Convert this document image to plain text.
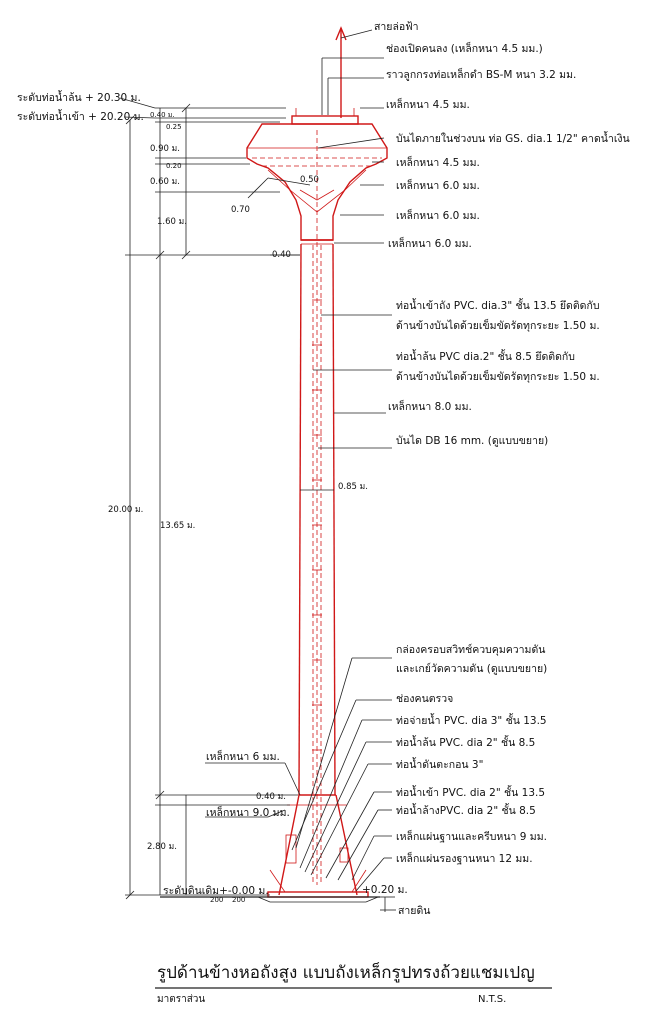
ระดับท่อน้ำล้น + 20.30 ม.
ระดับท่อน้ำเข้า + 20.20 ม. 0.40 ม.
0.25
0.90 ม.
0.20
0.60 ม.
1.60 ม.
20.00 ม.
13.65 ม.
0.40 ม.
2.80 ม.
0.50
0.70
0.40
0.85 ม.
สายล่อฟ้า
ช่องเปิดคนลง (เหล็กหนา 4.5 มม.)
ราวลูกกรงท่อเหล็กดำ BS-M หนา 3.2 มม.
เหล็กหนา 4.5 มม.
บันไดภายในช่วงบน ท่อ GS. dia.1 1/2" คาดน้ำเงิน
เหล็กหนา 4.5 มม.
เหล็กหนา 6.0 มม.
เหล็กหนา 6.0 มม.
เหล็กหนา 6.0 มม.
ท่อน้ำเข้าถัง PVC. dia.3" ชั้น 13.5 ยึดติดกับ
ด้านข้างบันไดด้วยเข็มขัดรัดทุกระยะ 1.50 ม.
ท่อน้ำล้น PVC dia.2" ชั้น 8.5 ยึดติดกับ
ด้านข้างบันไดด้วยเข็มขัดรัดทุกระยะ 1.50 ม.
เหล็กหนา 8.0 มม.
บันได DB 16 mm. (ดูแบบขยาย)
กล่องครอบสวิทช์ควบคุมความดัน
และเกย์วัดความดัน (ดูแบบขยาย)
ช่องคนตรวจ
ท่อจ่ายน้ำ PVC. dia 3" ชั้น 13.5
ท่อน้ำล้น PVC. dia 2" ชั้น 8.5
ท่อน้ำดันตะกอน 3"
ท่อน้ำเข้า PVC. dia 2" ชั้น 13.5
ท่อน้ำล้างPVC. dia 2" ชั้น 8.5
เหล็กแผ่นฐานและครีบหนา 9 มม.
เหล็กแผ่นรองฐานหนา 12 มม.
เหล็กหนา 6 มม.
เหล็กหนา 9.0 มม.
ระดับดินเดิม+-0.00 ม.
200 200
+0.20 ม.
สายดิน
รูปด้านข้างหอถังสูง แบบถังเหล็กรูปทรงถ้วยแชมเปญ
มาตราส่วน	N.T.S.
